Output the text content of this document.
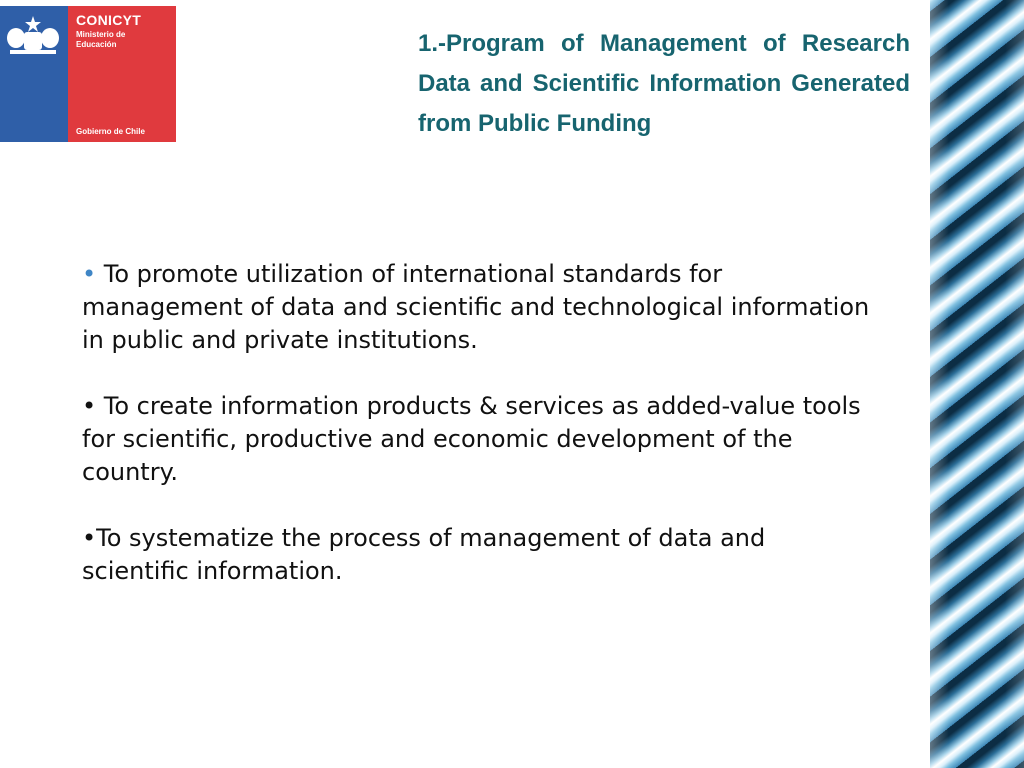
CONICYT
Ministerio de
Educación
Gobierno de Chile
1.-Program of Management of Research Data and Scientific Information Generated from Public Funding
• To promote utilization of international standards for management of data and scientific and technological information in public and private institutions.
• To create information products & services as added-value tools for scientific, productive and economic development of the country.
•To systematize the process of management of data and scientific information.
